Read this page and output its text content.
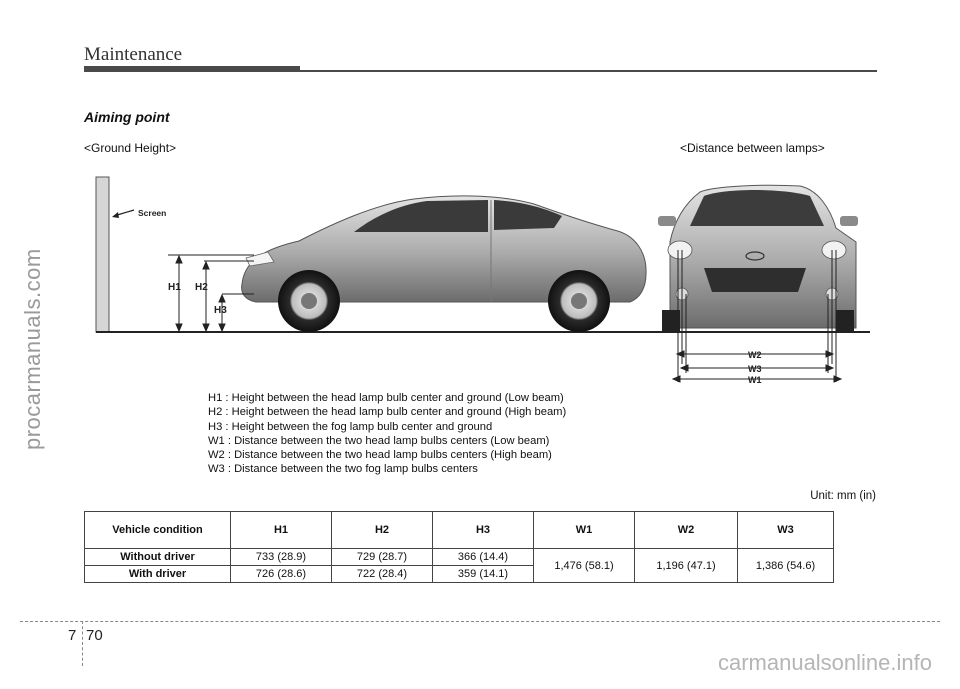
Maintenance
Aiming point
<Ground Height>	<Distance between lamps>
procarmanuals.com
Screen
H1 H2
H3
W2
W3
W1
H1 : Height between the head lamp bulb center and ground (Low beam)
H2 : Height between the head lamp bulb center and ground (High beam)
H3 : Height between the fog lamp bulb center and ground
W1 : Distance between the two head lamp bulbs centers (Low beam)
W2 : Distance between the two head lamp bulbs centers (High beam)
W3 : Distance between the two fog lamp bulbs centers
Unit: mm (in)
Vehicle condition	H1	H2	H3	W1	W2	W3
Without driver	733 (28.9)	729 (28.7)	366 (14.4)	1,476 (58.1)	1,196 (47.1)	1,386 (54.6)
With driver	726 (28.6)	722 (28.4)	359 (14.1)			
7 70
carmanualsonline.info
